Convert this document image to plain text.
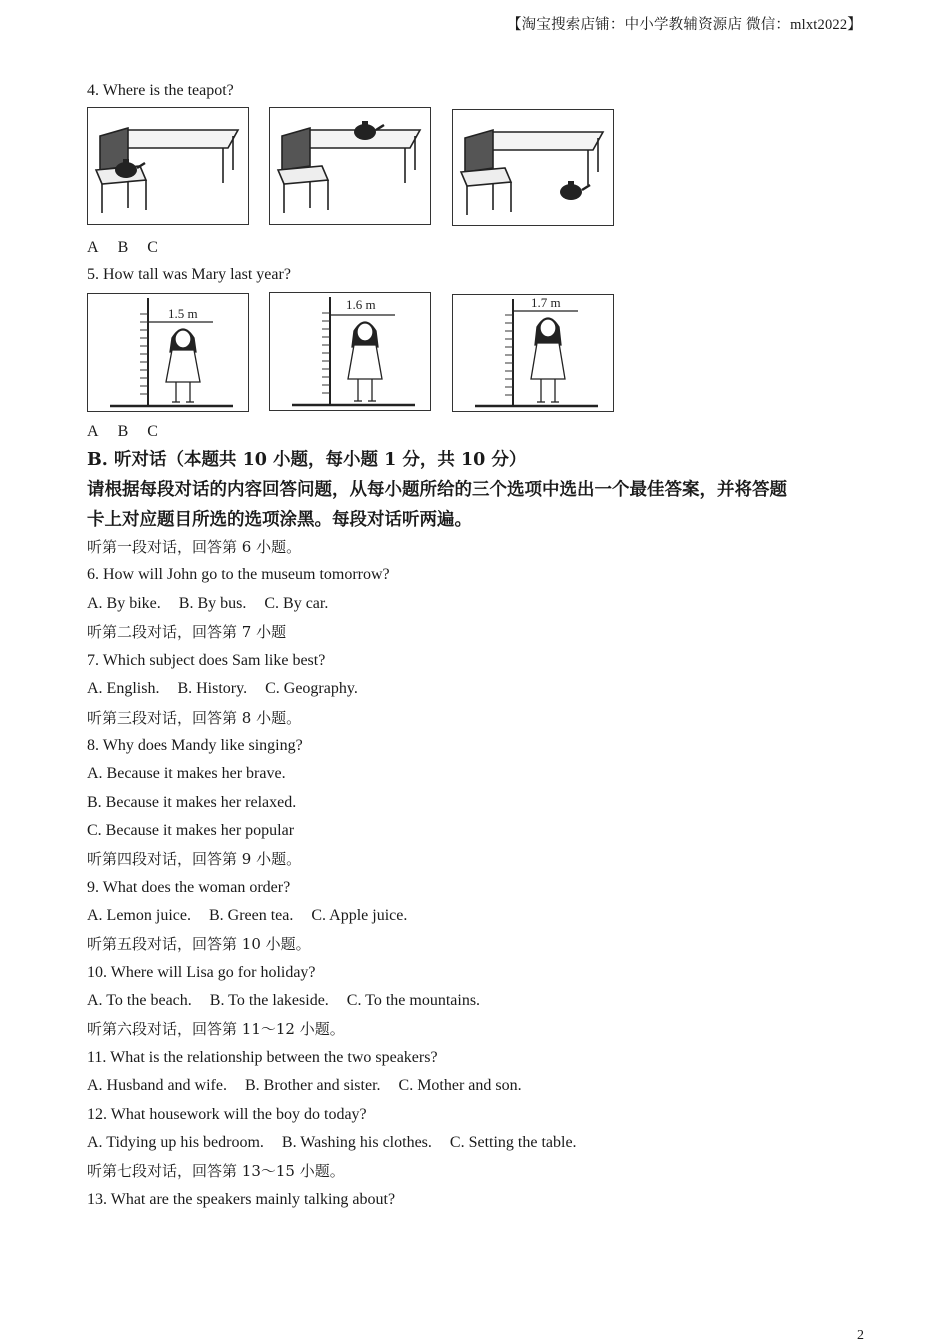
【淘宝搜索店铺：中小学教辅资源店 微信：mlxt2022】
4. Where is the teapot?
A B C
5. How tall was Mary last year?
1.5 m
1.6 m	1.7 m
A B C
B. 听对话（本题共 10 小题，每小题 1 分，共 10 分）
请根据每段对话的内容回答问题，从每小题所给的三个选项中选出一个最佳答案，并将答题
卡上对应题目所选的选项涂黑。每段对话听两遍。
听第一段对话，回答第 6 小题。
6. How will John go to the museum tomorrow?
A. By bike. B. By bus. C. By car.
听第二段对话，回答第 7 小题
7. Which subject does Sam like best?
A. English. B. History. C. Geography.
听第三段对话，回答第 8 小题。
8. Why does Mandy like singing?
A. Because it makes her brave.
B. Because it makes her relaxed.
C. Because it makes her popular
听第四段对话，回答第 9 小题。
9. What does the woman order?
A. Lemon juice. B. Green tea. C. Apple juice.
听第五段对话，回答第 10 小题。
10. Where will Lisa go for holiday?
A. To the beach. B. To the lakeside. C. To the mountains.
听第六段对话，回答第 11～12 小题。
11. What is the relationship between the two speakers?
A. Husband and wife. B. Brother and sister. C. Mother and son.
12. What housework will the boy do today?
A. Tidying up his bedroom. B. Washing his clothes. C. Setting the table.
听第七段对话，回答第 13～15 小题。
13. What are the speakers mainly talking about?
2
